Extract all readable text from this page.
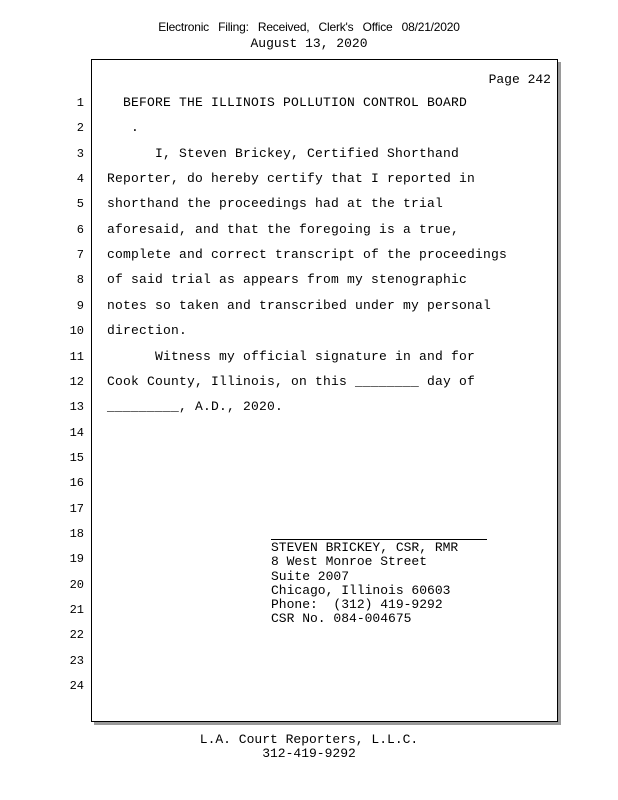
Electronic Filing: Received, Clerk's Office 08/21/2020
August 13, 2020
Page 242
1 BEFORE THE ILLINOIS POLLUTION CONTROL BOARD
2 .
3 I, Steven Brickey, Certified Shorthand
4 Reporter, do hereby certify that I reported in
5 shorthand the proceedings had at the trial
6 aforesaid, and that the foregoing is a true,
7 complete and correct transcript of the proceedings
8 of said trial as appears from my stenographic
9 notes so taken and transcribed under my personal
10 direction.
11 Witness my official signature in and for
12 Cook County, Illinois, on this ________ day of
13 _________, A.D., 2020.
14
15
16
17
18
19
20
21
22
23
24
STEVEN BRICKEY, CSR, RMR
8 West Monroe Street
Suite 2007
Chicago, Illinois 60603
Phone:  (312) 419-9292
CSR No. 084-004675
L.A. Court Reporters, L.L.C.
312-419-9292
